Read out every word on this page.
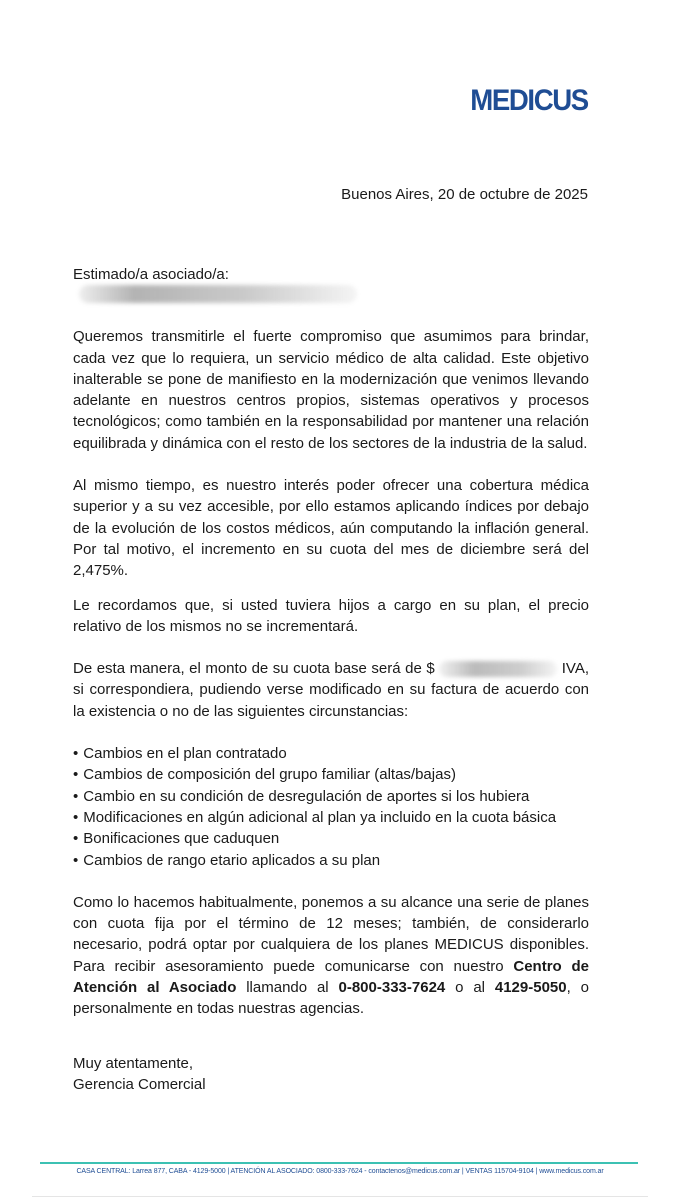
MEDICUS
Buenos Aires, 20 de octubre de 2025

Estimado/a asociado/a:

Queremos transmitirle el fuerte compromiso que asumimos para brindar, cada vez que lo requiera, un servicio médico de alta calidad. Este objetivo inalterable se pone de manifiesto en la modernización que venimos llevando adelante en nuestros centros propios, sistemas operativos y procesos tecnológicos; como también en la responsabilidad por mantener una relación equilibrada y dinámica con el resto de los sectores de la industria de la salud.

Al mismo tiempo, es nuestro interés poder ofrecer una cobertura médica superior y a su vez accesible, por ello estamos aplicando índices por debajo de la evolución de los costos médicos, aún computando la inflación general. Por tal motivo, el incremento en su cuota del mes de diciembre será del 2,475%.

Le recordamos que, si usted tuviera hijos a cargo en su plan, el precio relativo de los mismos no se incrementará.

De esta manera, el monto de su cuota base será de $	IVA, si correspondiera, pudiendo verse modificado en su factura de acuerdo con la existencia o no de las siguientes circunstancias:

• Cambios en el plan contratado
• Cambios de composición del grupo familiar (altas/bajas)
• Cambio en su condición de desregulación de aportes si los hubiera
• Modificaciones en algún adicional al plan ya incluido en la cuota básica
• Bonificaciones que caduquen
• Cambios de rango etario aplicados a su plan

Como lo hacemos habitualmente, ponemos a su alcance una serie de planes con cuota fija por el término de 12 meses; también, de considerarlo necesario, podrá optar por cualquiera de los planes MEDICUS disponibles. Para recibir asesoramiento puede comunicarse con nuestro Centro de Atención al Asociado llamando al 0-800-333-7624 o al 4129-5050, o personalmente en todas nuestras agencias.

Muy atentamente,

Gerencia Comercial

CASA CENTRAL: Larrea 877, CABA - 4129-5000 | ATENCIÓN AL ASOCIADO: 0800-333-7624 - contactenos@medicus.com.ar | VENTAS 115704-9104 | www.medicus.com.ar
